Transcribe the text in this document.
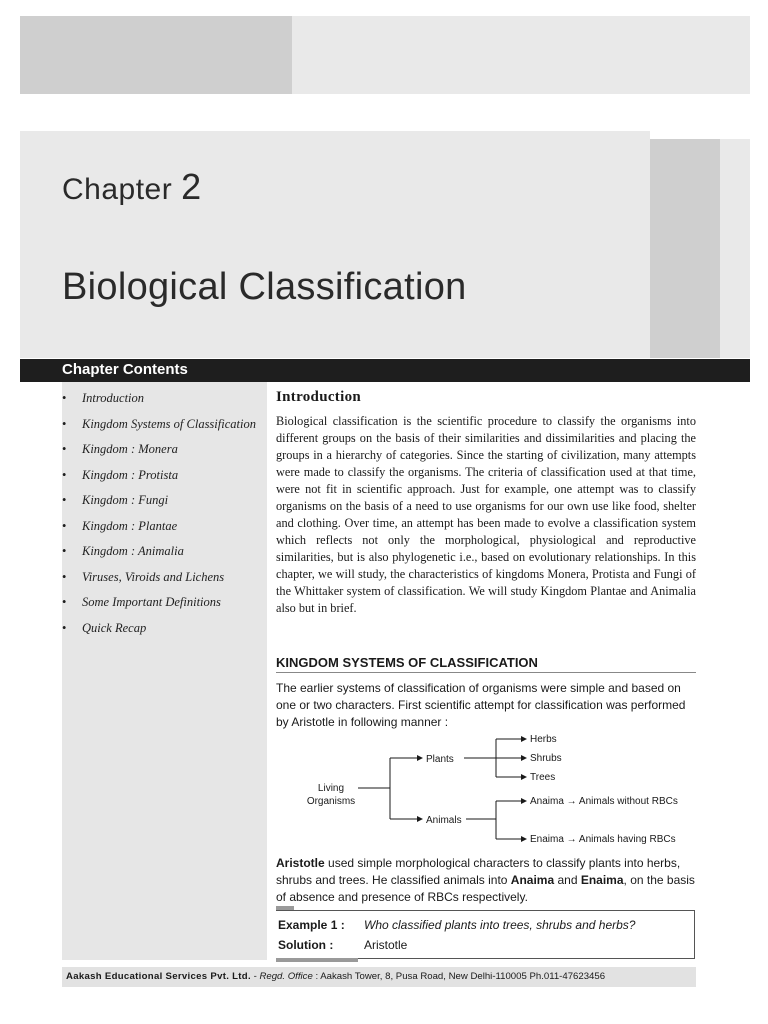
Chapter 2
Biological Classification
Chapter Contents
• Introduction
• Kingdom Systems of Classification
• Kingdom : Monera
• Kingdom : Protista
• Kingdom : Fungi
• Kingdom : Plantae
• Kingdom : Animalia
• Viruses, Viroids and Lichens
• Some Important Definitions
• Quick Recap
Introduction
Biological classification is the scientific procedure to classify the organisms into different groups on the basis of their similarities and dissimilarities and placing the groups in a hierarchy of categories. Since the starting of civilization, many attempts were made to classify the organisms. The criteria of classification used at that time, were not fit in scientific approach. Just for example, one attempt was to classify organisms on the basis of a need to use organisms for our own use like food, shelter and clothing. Over time, an attempt has been made to evolve a classification system which reflects not only the morphological, physiological and reproductive similarities, but is also phylogenetic i.e., based on evolutionary relationships. In this chapter, we will study, the characteristics of kingdoms Monera, Protista and Fungi of the Whittaker system of classification. We will study Kingdom Plantae and Animalia also but in brief.
KINGDOM SYSTEMS OF CLASSIFICATION
The earlier systems of classification of organisms were simple and based on one or two characters. First scientific attempt for classification was performed by Aristotle in following manner :
Living
Organisms
Plants
Animals
Herbs
Shrubs
Trees
Anaima → Animals without RBCs
Enaima → Animals having RBCs
Aristotle used simple morphological characters to classify plants into herbs, shrubs and trees. He classified animals into Anaima and Enaima, on the basis of absence and presence of RBCs respectively.
Example 1 : Who classified plants into trees, shrubs and herbs?
Solution :	Aristotle
Aakash Educational Services Pvt. Ltd. - Regd. Office : Aakash Tower, 8, Pusa Road, New Delhi-110005 Ph.011-47623456
